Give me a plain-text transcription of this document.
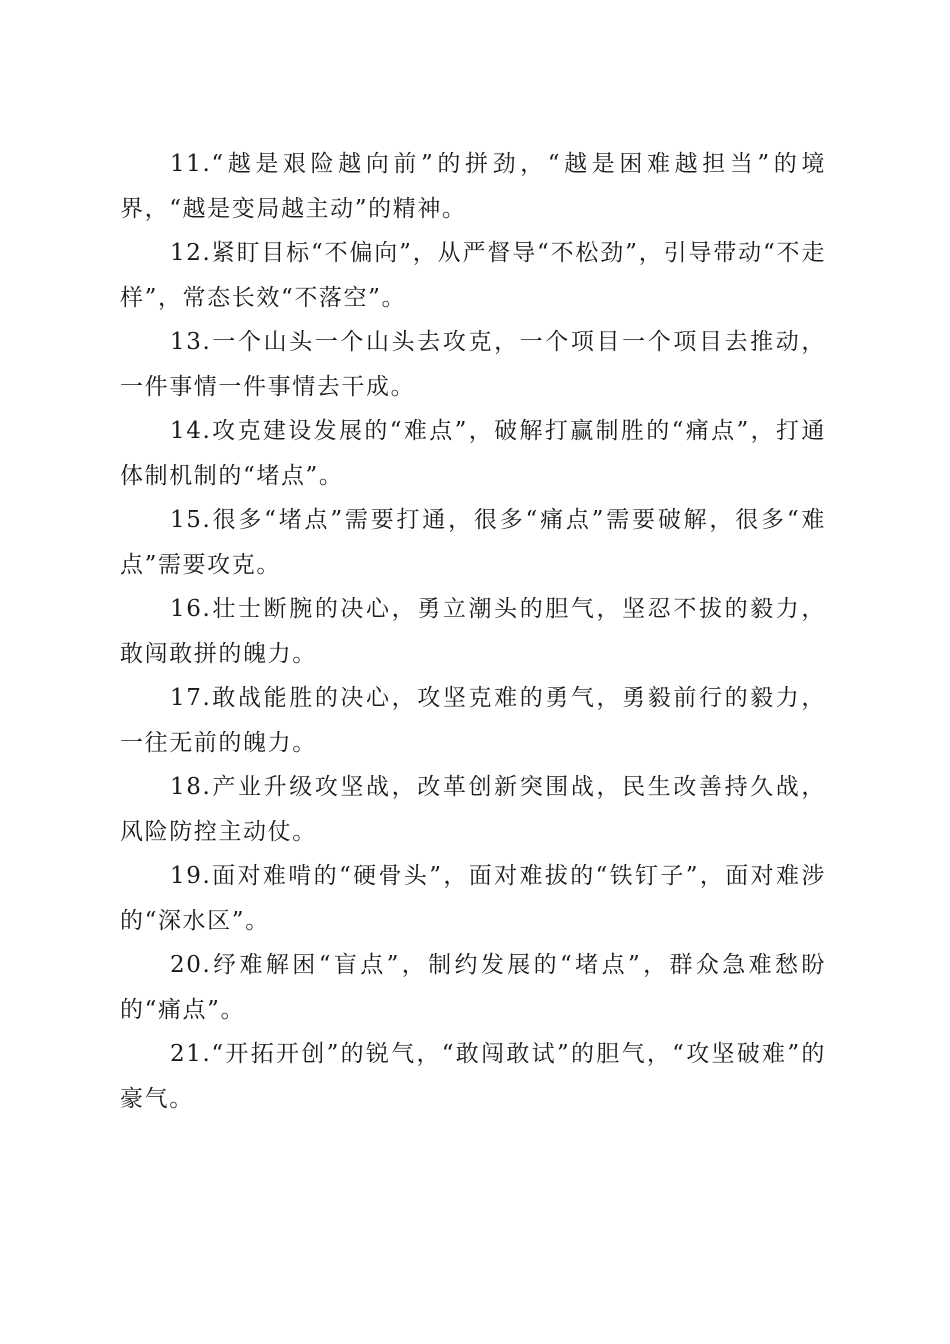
11.“越是艰险越向前”的拼劲，“越是困难越担当”的境界，“越是变局越主动”的精神。

12.紧盯目标“不偏向”，从严督导“不松劲”，引导带动“不走样”，常态长效“不落空”。

13.一个山头一个山头去攻克，一个项目一个项目去推动，一件事情一件事情去干成。

14.攻克建设发展的“难点”，破解打赢制胜的“痛点”，打通体制机制的“堵点”。

15.很多“堵点”需要打通，很多“痛点”需要破解，很多“难点”需要攻克。

16.壮士断腕的决心，勇立潮头的胆气，坚忍不拔的毅力，敢闯敢拼的魄力。

17.敢战能胜的决心，攻坚克难的勇气，勇毅前行的毅力，一往无前的魄力。

18.产业升级攻坚战，改革创新突围战，民生改善持久战，风险防控主动仗。

19.面对难啃的“硬骨头”，面对难拔的“铁钉子”，面对难涉的“深水区”。

20.纾难解困“盲点”，制约发展的“堵点”，群众急难愁盼的“痛点”。

21.“开拓开创”的锐气，“敢闯敢试”的胆气，“攻坚破难”的豪气。
